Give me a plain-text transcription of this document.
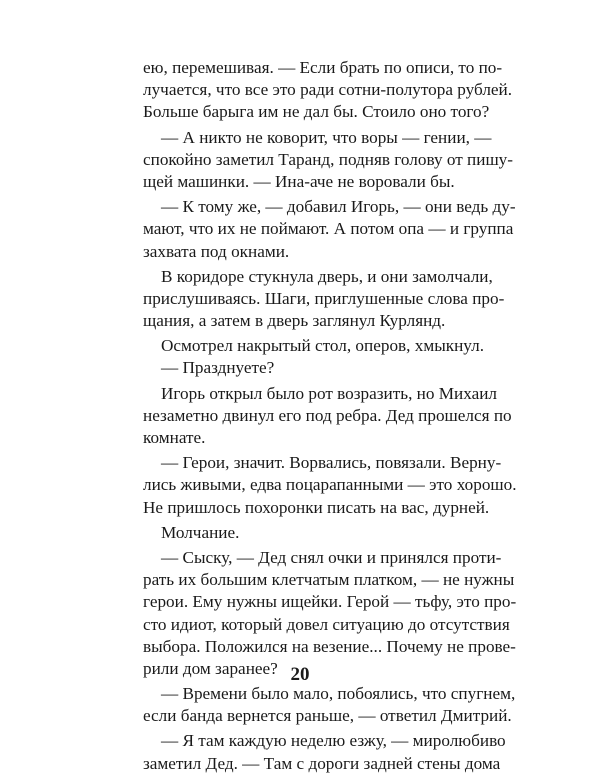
ею, перемешивая. — Если брать по описи, то по-
лучается, что все это ради сотни-полутора рублей.
Больше барыга им не дал бы. Стоило оно того?
— А никто не коворит, что воры — гении, —
спокойно заметил Таранд, подняв голову от пишу-
щей машинки. — Ина-аче не воровали бы.
— К тому же, — добавил Игорь, — они ведь ду-
мают, что их не поймают. А потом опа — и группа
захвата под окнами.
В коридоре стукнула дверь, и они замолчали,
прислушиваясь. Шаги, приглушенные слова про-
щания, а затем в дверь заглянул Курлянд.
Осмотрел накрытый стол, оперов, хмыкнул.
— Празднуете?
Игорь открыл было рот возразить, но Михаил
незаметно двинул его под ребра. Дед прошелся по
комнате.
— Герои, значит. Ворвались, повязали. Верну-
лись живыми, едва поцарапанными — это хорошо.
Не пришлось похоронки писать на вас, дурней.
Молчание.
— Сыску, — Дед снял очки и принялся проти-
рать их большим клетчатым платком, — не нужны
герои. Ему нужны ищейки. Герой — тьфу, это про-
сто идиот, который довел ситуацию до отсутствия
выбора. Положился на везение... Почему не прове-
рили дом заранее?
— Времени было мало, побоялись, что спугнем,
если банда вернется раньше, — ответил Дмитрий.
— Я там каждую неделю езжу, — миролюбиво
заметил Дед. — Там с дороги задней стены дома
20
